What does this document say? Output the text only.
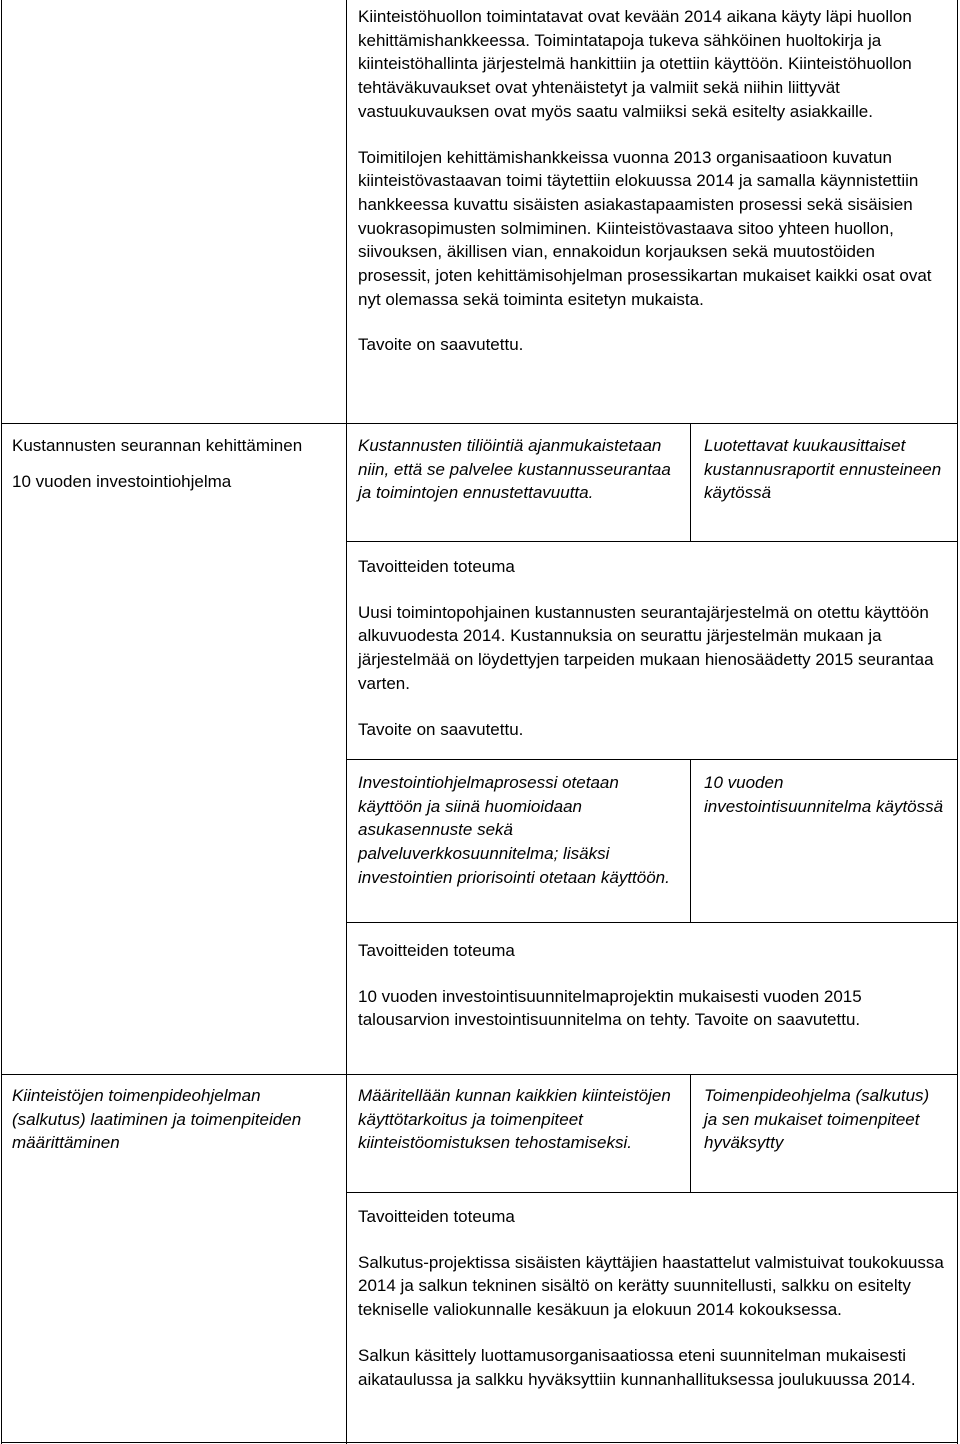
Kiinteistöhuollon toimintatavat ovat kevään 2014 aikana käyty läpi huollon kehittämishankkeessa. Toimintatapoja tukeva sähköinen huoltokirja ja kiinteistöhallinta järjestelmä hankittiin ja otettiin käyttöön. Kiinteistöhuollon tehtäväkuvaukset ovat yhtenäistetyt ja valmiit sekä niihin liittyvät vastuukuvauksen ovat myös saatu valmiiksi sekä esitelty asiakkaille.

Toimitilojen kehittämishankkeissa vuonna 2013 organisaatioon kuvatun kiinteistövastaavan toimi täytettiin elokuussa 2014 ja samalla käynnistettiin hankkeessa kuvattu sisäisten asiakastapaamisten prosessi sekä sisäisien vuokrasopimusten solmiminen. Kiinteistövastaava sitoo yhteen huollon, siivouksen, äkillisen vian, ennakoidun korjauksen sekä muutostöiden prosessit, joten kehittämisohjelman prosessikartan mukaiset kaikki osat ovat nyt olemassa sekä toiminta esitetyn mukaista.

Tavoite on saavutettu.

Kustannusten seurannan kehittäminen

10 vuoden investointiohjelma

Kustannusten tiliöintiä ajanmukaistetaan niin, että se palvelee kustannusseurantaa ja toimintojen ennustettavuutta.

Luotettavat kuukausittaiset kustannusraportit ennusteineen käytössä

Tavoitteiden toteuma

Uusi toimintopohjainen kustannusten seurantajärjestelmä on otettu käyttöön alkuvuodesta 2014. Kustannuksia on seurattu järjestelmän mukaan ja järjestelmää on löydettyjen tarpeiden mukaan hienosäädetty 2015 seurantaa varten.

Tavoite on saavutettu.

Investointiohjelmaprosessi otetaan käyttöön ja siinä huomioidaan asukasennuste sekä palveluverkkosuunnitelma; lisäksi investointien priorisointi otetaan käyttöön.

10 vuoden investointisuunnitelma käytössä

Tavoitteiden toteuma

10 vuoden investointisuunnitelmaprojektin mukaisesti vuoden 2015 talousarvion investointisuunnitelma on tehty. Tavoite on saavutettu.

Kiinteistöjen toimenpideohjelman (salkutus) laatiminen ja toimenpiteiden määrittäminen

Määritellään kunnan kaikkien kiinteistöjen käyttötarkoitus ja toimenpiteet kiinteistöomistuksen tehostamiseksi.

Toimenpideohjelma (salkutus) ja sen mukaiset toimenpiteet hyväksytty

Tavoitteiden toteuma

Salkutus-projektissa sisäisten käyttäjien haastattelut valmistuivat toukokuussa 2014 ja salkun tekninen sisältö on kerätty suunnitellusti, salkku on esitelty tekniselle valiokunnalle kesäkuun ja elokuun 2014 kokouksessa.

Salkun käsittely luottamusorganisaatiossa eteni suunnitelman mukaisesti aikataulussa ja salkku hyväksyttiin kunnanhallituksessa joulukuussa 2014.
